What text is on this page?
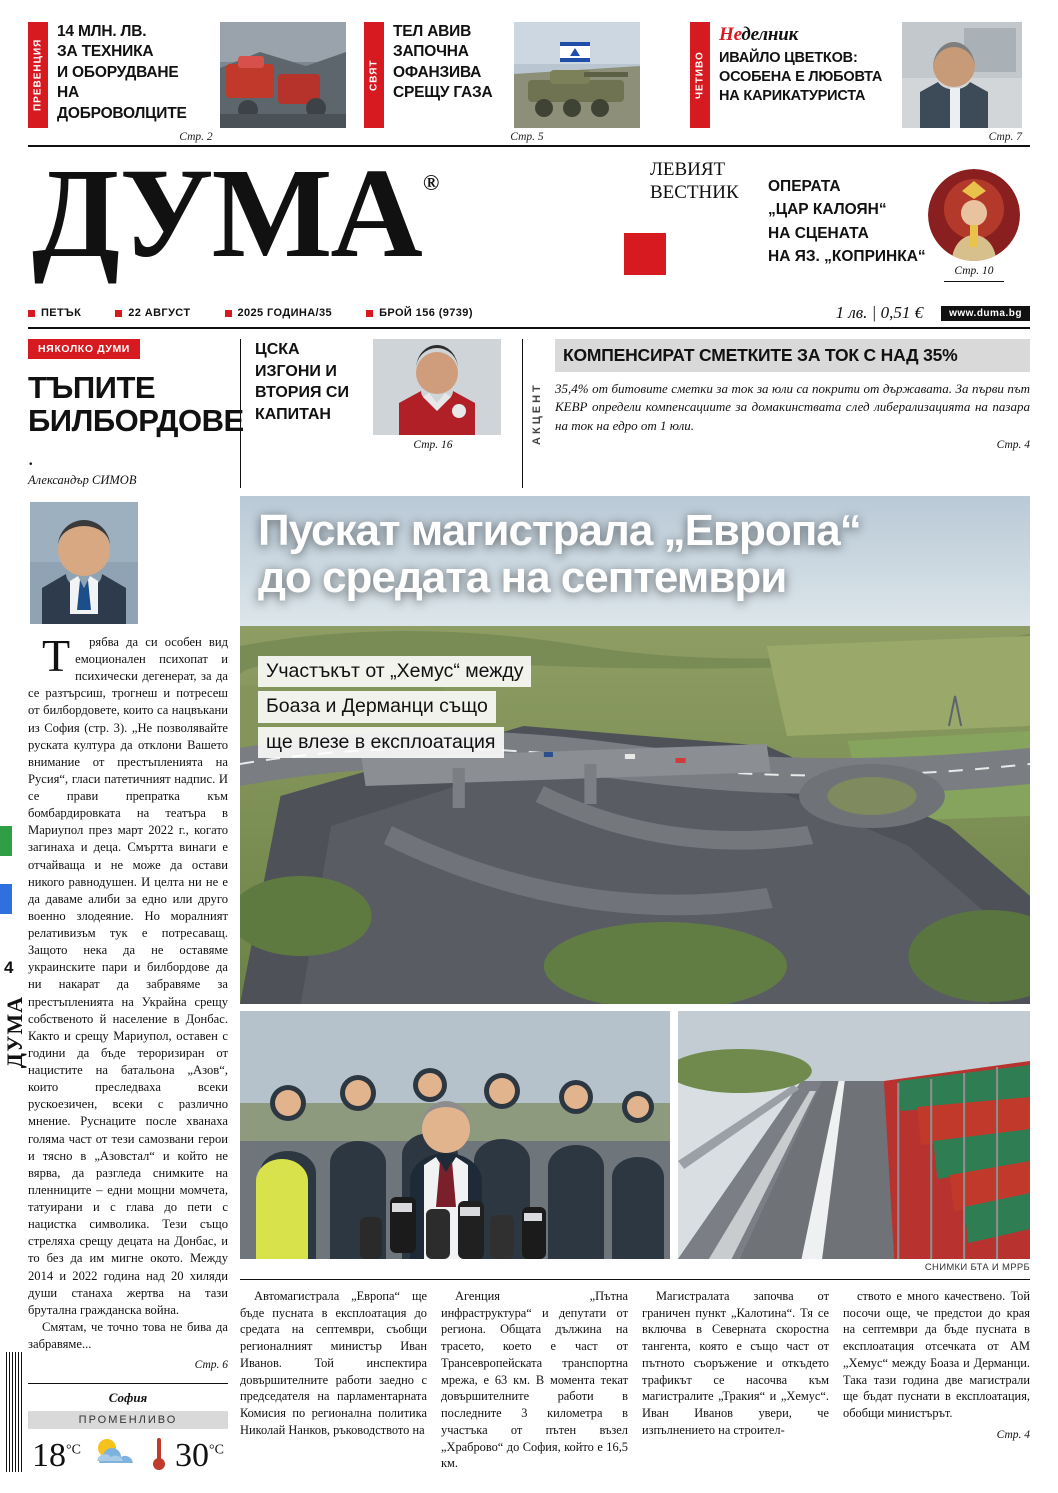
ПРЕВЕНЦИЯ
14 МЛН. ЛВ.
ЗА ТЕХНИКА
И ОБОРУДВАНЕ
НА ДОБРОВОЛЦИТЕ
СВЯТ
ТЕЛ АВИВ
ЗАПОЧНА
ОФАНЗИВА
СРЕЩУ ГАЗА	ЧЕТИВО
Неделник
ИВАЙЛО ЦВЕТКОВ:
ОСОБЕНА Е ЛЮБОВТА
НА КАРИКАТУРИСТА
Стр. 2	Стр. 5	Стр. 7
ДУМА®
ЛЕВИЯТ
ВЕСТНИК ОПЕРАТА
„ЦАР КАЛОЯН“
НА СЦЕНАТА
НА ЯЗ. „КОПРИНКА“
Стр. 10
ПЕТЪК	22 АВГУСТ	2025 ГОДИНА/35	БРОЙ 156 (9739)	1 лв. | 0,51 €	www.duma.bg
НЯКОЛКО ДУМИ
ТЪПИТЕ
БИЛБОРДОВЕ
.
Александър СИМОВ
ЦСКА
ИЗГОНИ И
ВТОРИЯ СИ
КАПИТАН
Стр. 16
АКЦЕНТ
КОМПЕНСИРАТ СМЕТКИТЕ ЗА ТОК С НАД 35%
35,4% от битовите сметки за ток за юли са покрити от държавата. За първи път КЕВР определи компенсациите за домакинствата след либерализацията на пазара на ток на едро от 1 юли.
Стр. 4
4
ДУМА

Т	рябва да си особен вид емоционален психопат и психически дегенерат, за да се разтърсиш, трогнеш и потресеш от билбордовете, които са нацвъкани из София (стр. 3). „Не позволявайте руската култура да отклони Вашето внимание от престъпленията на Русия“, гласи патетичният надпис. И се прави препратка към бомбардировката на театъра в Мариупол през март 2022 г., когато загинаха и деца. Смъртта винаги е отчайваща и не може да остави никого равнодушен. И целта ни не е да даваме алиби за едно или друго военно злодеяние. Но моралният релативизъм тук е потресаващ. Защото нека да не оставяме украинските пари и билбордове да ни накарат да забравяме за престъпленията на Украйна срещу собственото й население в Донбас. Както и срещу Мариупол, оставен с години да бъде тероризиран от нацистите на батальона „Азов“, които преследваха всеки рускоезичен, всеки с различно мнение. Руснаците после хванаха голяма част от тези самозвани герои и тясно в „Азовстал“ и който не вярва, да разгледа снимките на пленниците – едни мощни момчета, татуирани и с глава до пети с нацистка символика. Тези също стреляха срещу децата на Донбас, и то без да им мигне окото. Между 2014 и 2022 година над 20 хиляди души станаха жертва на тази брутална гражданска война.

Смятам, че точно това не бива да забравяме...

Стр. 6
София
ПРОМЕНЛИВО
$18^{^\circ C}$	$30^{^\circ C}$
Пускат магистрала „Европа“
до средата на септември
Участъкът от „Хемус“ между Боаза и Дерманци също ще влезе в експлоатация
СНИМКИ БТА И МРРБ

Автомагистрала „Европа“ ще бъде пусната в експлоатация до средата на септември, съобщи регионалният министър Иван Иванов. Той инспектира довършителните работи заедно с председателя на парламентарната Комисия по регионална политика Николай Нанков, ръководството на

Агенция „Пътна инфраструктура“ и депутати от региона. Общата дължина на трасето, което е част от Трансевропейската транспортна мрежа, е 63 км. В момента текат довършителните работи в последните 3 километра в участъка от пътен възел „Храброво“ до София, който е 16,5 км.

Магистралата започва от граничен пункт „Калотина“. Тя се включва в Северната скоростна тангента, която е също част от пътното съоръжение и откъдето трафикът се насочва към магистралите „Тракия“ и „Хемус“. Иван Иванов увери, че изпълнението на строител-

ството е много качествено. Той посочи още, че предстои до края на септември да бъде пусната в експлоатация отсечката от АМ „Хемус“ между Боаза и Дерманци. Така тази година две магистрали ще бъдат пуснати в експлоатация, обобщи министърът.

Стр. 4
